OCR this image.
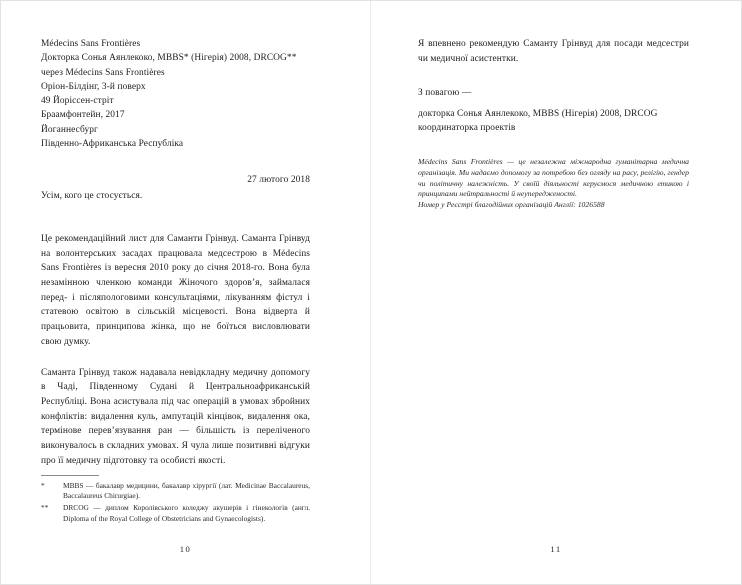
Médecins Sans Frontières
Докторка Сонья Аянлекоко, MBBS* (Нігерія) 2008, DRCOG**
через Médecins Sans Frontières
Оріон-Білдінг, 3-й поверх
49 Йоріссен-стріт
Браамфонтейн, 2017
Йоганнесбург
Південно-Африканська Республіка
27 лютого 2018
Усім, кого це стосується.

Це рекомендаційний лист для Саманти Грінвуд. Саманта Грінвуд на волонтерських засадах працювала медсестрою в Médecins Sans Frontières із вересня 2010 року до січня 2018-го. Вона була незамінною членкою команди Жіночого здоров’я, займалася перед- і післяпологовими консультаціями, лікуванням фістул і статевою освітою в сільській місцевості. Вона відверта й працьовита, принципова жінка, що не боїться висловлювати свою думку.

Саманта Грінвуд також надавала невідкладну медичну допомогу в Чаді, Південному Судані й Центральноафриканській Республіці. Вона асистувала під час операцій в умовах збройних конфліктів: видалення куль, ампутацій кінцівок, видалення ока, термінове перев’язування ран — більшість із переліченого виконувалось в складних умовах. Я чула лише позитивні відгуки про її медичну підготовку та особисті якості.

*	MBBS — бакалавр медицини, бакалавр хірургії (лат. Medicinae Baccalaureus, Baccalaureus Chirurgiae).
**	DRCOG — диплом Королівського коледжу акушерів і гінекологів (англ. Diploma of the Royal College of Obstetricians and Gynaecologists).
10

Я впевнено рекомендую Саманту Грінвуд для посади медсестри чи медичної асистентки.

З повагою —
докторка Сонья Аянлекоко, MBBS (Нігерія) 2008, DRCOG
координаторка проектів

Médecins Sans Frontières — це незалежна міжнародна гуманітарна медична організація. Ми надаємо допомогу за потребою без огляду на расу, релігію, гендер чи політичну належність. У своїй діяльності керуємося медичною етикою і принципами нейтральності й неупередженості.

Номер у Реєстрі благодійних організацій Англії: 1026588
11
